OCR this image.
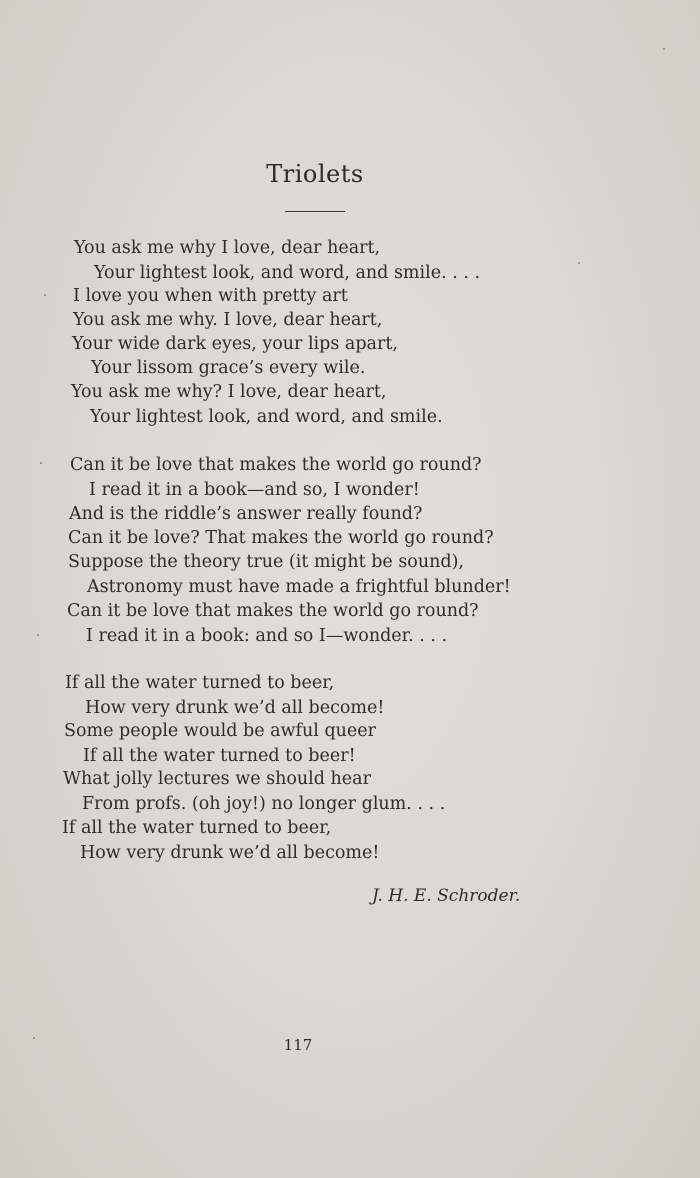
Triolets
You ask me why I love, dear heart,
Your lightest look, and word, and smile. . . .
I love you when with pretty art
You ask me why. I love, dear heart,
Your wide dark eyes, your lips apart,
Your lissom grace’s every wile.
You ask me why? I love, dear heart,
Your lightest look, and word, and smile.
Can it be love that makes the world go round?
I read it in a book—and so, I wonder!
And is the riddle’s answer really found?
Can it be love? That makes the world go round?
Suppose the theory true (it might be sound),
Astronomy must have made a frightful blunder!
Can it be love that makes the world go round?
I read it in a book: and so I—wonder. . . .
If all the water turned to beer,
How very drunk we’d all become!
Some people would be awful queer
If all the water turned to beer!
What jolly lectures we should hear
From profs. (oh joy!) no longer glum. . . .
If all the water turned to beer,
How very drunk we’d all become!
J. H. E. Schroder.
117
